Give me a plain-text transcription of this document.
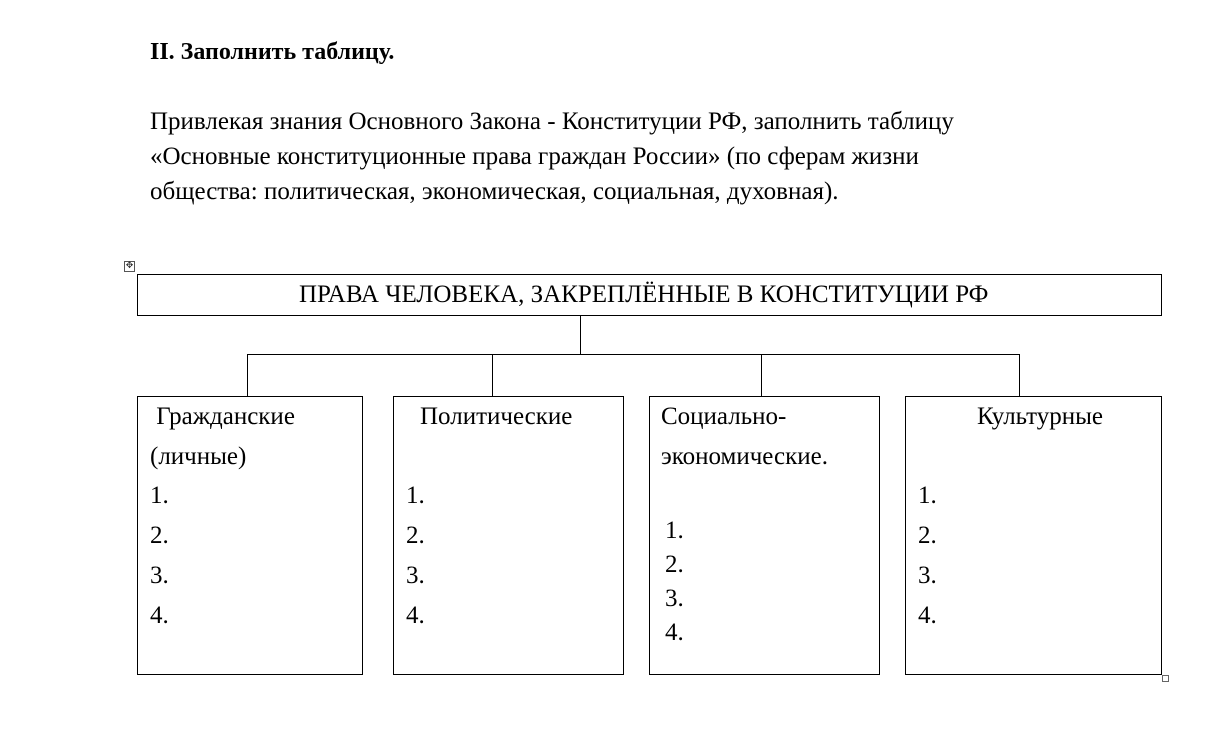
II. Заполнить таблицу.
Привлекая знания Основного Закона - Конституции РФ, заполнить таблицу
«Основные конституционные права граждан России» (по сферам жизни
общества: политическая, экономическая, социальная, духовная).
✥
ПРАВА ЧЕЛОВЕКА, ЗАКРЕПЛЁННЫЕ В КОНСТИТУЦИИ РФ
Гражданские
(личные)
1.
2.
3.
4.
Политические
1.
2.
3.
4.
Социально-
экономические.
1.
2.
3.
4.
Культурные
1.
2.
3.
4.
